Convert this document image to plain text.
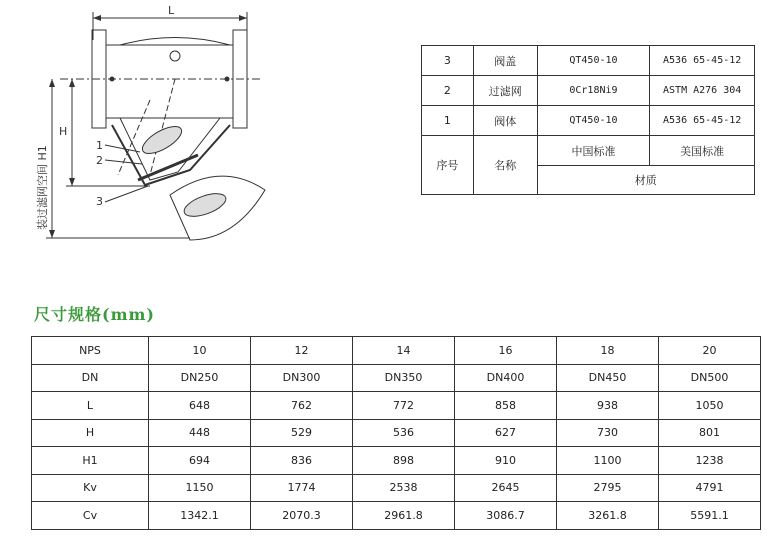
L
H
装过滤网空间 H1	1
2
3
3	阀盖	QT450-10	A536 65-45-12
2	过滤网	0Cr18Ni9	ASTM A276 304
1	阀体	QT450-10	A536 65-45-12
序号	名称	中国标准	美国标准
		材质	
尺寸规格(mm)
NPS	10	12	14	16	18	20
DN	DN250	DN300	DN350	DN400	DN450	DN500
L	648	762	772	858	938	1050
H	448	529	536	627	730	801
H1	694	836	898	910	1100	1238
Kv	1150	1774	2538	2645	2795	4791
Cv	1342.1	2070.3	2961.8	3086.7	3261.8	5591.1
